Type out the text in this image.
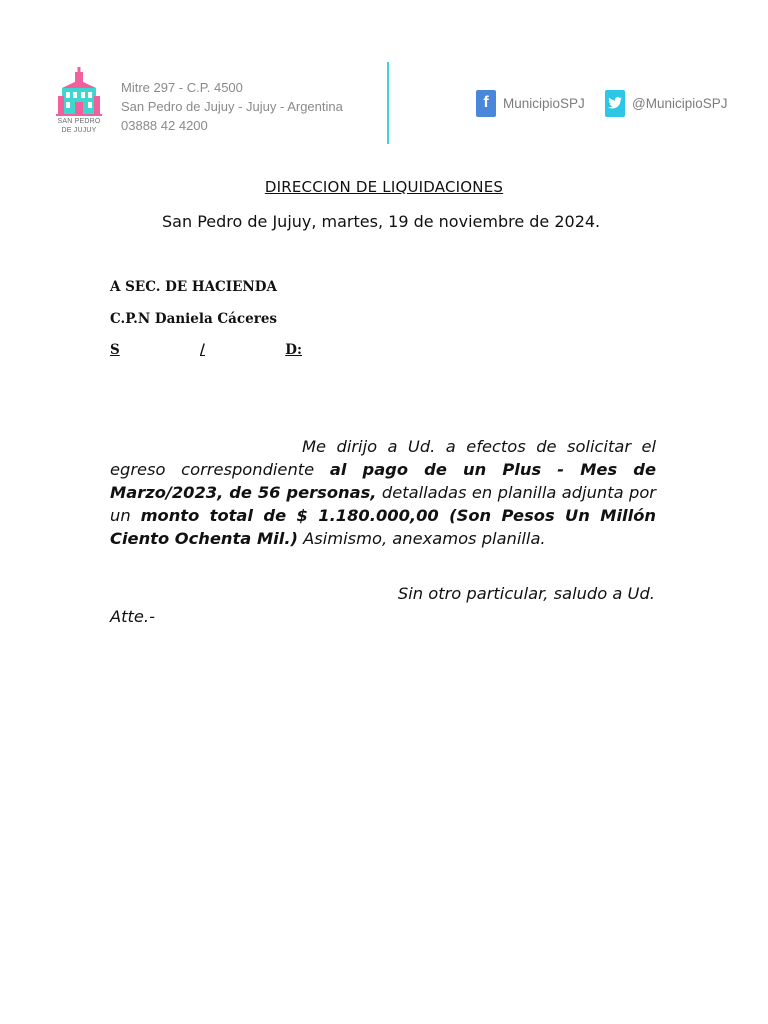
SAN PEDRO
DE JUJUY
Mitre 297 - C.P. 4500
San Pedro de Jujuy - Jujuy - Argentina
03888 42 4200
f	MunicipioSPJ	@MunicipioSPJ
DIRECCION DE LIQUIDACIONES
San Pedro de Jujuy, martes, 19 de noviembre de 2024.
A SEC. DE HACIENDA
C.P.N Daniela Cáceres
S	/	D:
Me dirijo a Ud. a efectos de solicitar el egreso correspondiente al pago de un Plus - Mes de Marzo/2023, de 56 personas, detalladas en planilla adjunta por un monto total de $ 1.180.000,00 (Son Pesos Un Millón Ciento Ochenta Mil.) Asimismo, anexamos planilla.
Sin otro particular, saludo a Ud.
Atte.-
